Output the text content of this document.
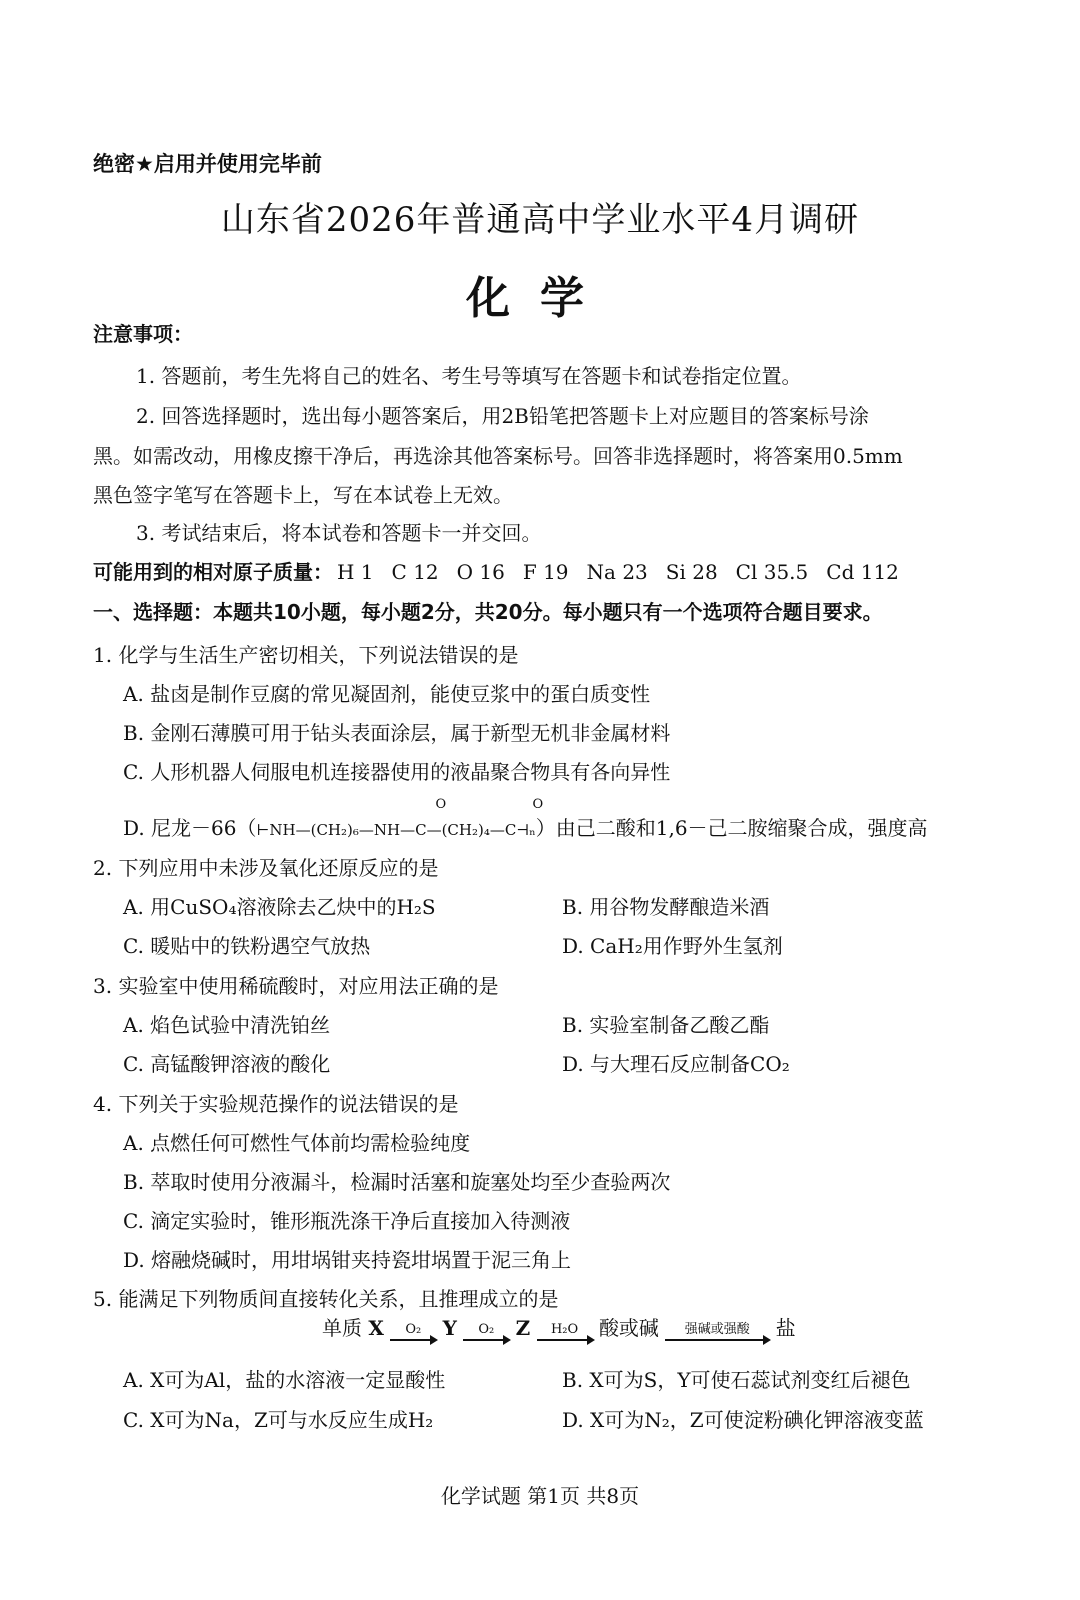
绝密★启用并使用完毕前
山东省2026年普通高中学业水平4月调研
化学
注意事项：
1. 答题前，考生先将自己的姓名、考生号等填写在答题卡和试卷指定位置。
2. 回答选择题时，选出每小题答案后，用2B铅笔把答题卡上对应题目的答案标号涂
黑。如需改动，用橡皮擦干净后，再选涂其他答案标号。回答非选择题时，将答案用0.5mm
黑色签字笔写在答题卡上，写在本试卷上无效。
3. 考试结束后，将本试卷和答题卡一并交回。
可能用到的相对原子质量： H 1 C 12 O 16 F 19 Na 23 Si 28 Cl 35.5 Cd 112
一、选择题：本题共10小题，每小题2分，共20分。每小题只有一个选项符合题目要求。
1. 化学与生活生产密切相关，下列说法错误的是
A. 盐卤是制作豆腐的常见凝固剂，能使豆浆中的蛋白质变性
B. 金刚石薄膜可用于钻头表面涂层，属于新型无机非金属材料
C. 人形机器人伺服电机连接器使用的液晶聚合物具有各向异性
D. 尼龙－66（
O	O
⊢NH—(CH₂)₆—NH—C—(CH₂)₄—C⊣ₙ）由己二酸和1,6－己二胺缩聚合成，强度高
2. 下列应用中未涉及氧化还原反应的是
A. 用CuSO₄溶液除去乙炔中的H₂S	B. 用谷物发酵酿造米酒
C. 暖贴中的铁粉遇空气放热	D. CaH₂用作野外生氢剂
3. 实验室中使用稀硫酸时，对应用法正确的是
A. 焰色试验中清洗铂丝	B. 实验室制备乙酸乙酯
C. 高锰酸钾溶液的酸化	D. 与大理石反应制备CO₂
4. 下列关于实验规范操作的说法错误的是
A. 点燃任何可燃性气体前均需检验纯度
B. 萃取时使用分液漏斗，检漏时活塞和旋塞处均至少查验两次
C. 滴定实验时，锥形瓶洗涤干净后直接加入待测液
D. 熔融烧碱时，用坩埚钳夹持瓷坩埚置于泥三角上
5. 能满足下列物质间直接转化关系，且推理成立的是
单质 X	O₂	Y	O₂	Z	H₂O	酸或碱	强碱或强酸	盐
A. X可为Al，盐的水溶液一定显酸性	B. X可为S，Y可使石蕊试剂变红后褪色
C. X可为Na，Z可与水反应生成H₂	D. X可为N₂，Z可使淀粉碘化钾溶液变蓝
化学试题 第1页 共8页
